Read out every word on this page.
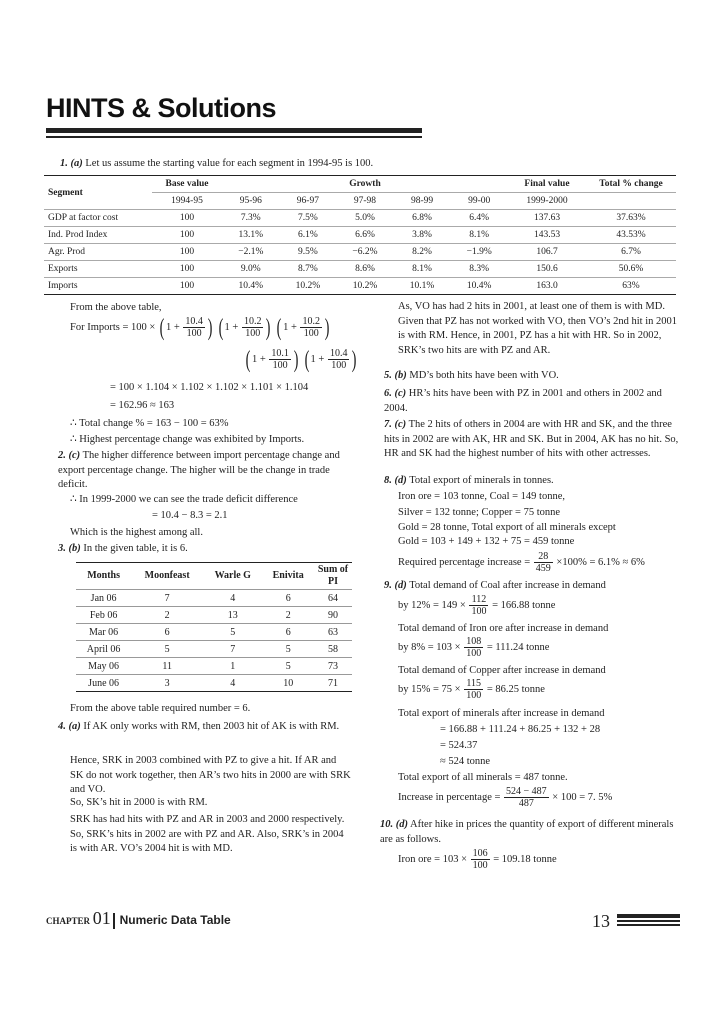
HINTS & Solutions
1. (a) Let us assume the starting value for each segment in 1994-95 is 100.
Segment	Base value	Growth					Final value	Total % change
	1994-95	95-96	96-97	97-98	98-99	99-00	1999-2000	
GDP at factor cost	100	7.3%	7.5%	5.0%	6.8%	6.4%	137.63	37.63%
Ind. Prod Index	100	13.1%	6.1%	6.6%	3.8%	8.1%	143.53	43.53%
Agr. Prod	100	−2.1%	9.5%	−6.2%	8.2%	−1.9%	106.7	6.7%
Exports	100	9.0%	8.7%	8.6%	8.1%	8.3%	150.6	50.6%
Imports	100	10.4%	10.2%	10.2%	10.1%	10.4%	163.0	63%
From the above table,
For Imports = 100 × ( $1 + \frac{10.4}{100}$ ) ( $1 + \frac{10.2}{100}$ ) ( $1 + \frac{10.2}{100}$ )
( $1 + \frac{10.1}{100}$ ) ( $1 + \frac{10.4}{100}$ )
= 100 × 1.104 × 1.102 × 1.102 × 1.101 × 1.104
= 162.96 ≈ 163
∴ Total change % = 163 − 100 = 63%
∴ Highest percentage change was exhibited by Imports.
2. (c) The higher difference between import percentage change and export percentage change. The higher will be the change in trade deficit.
∴ In 1999-2000 we can see the trade deficit difference
= 10.4 − 8.3 = 2.1
Which is the highest among all.
3. (b) In the given table, it is 6.
Months	Moonfeast	Warle G	Enivita	Sum of PI
Jan 06	7	4	6	64
Feb 06	2	13	2	90
Mar 06	6	5	6	63
April 06	5	7	5	58
May 06	11	1	5	73
June 06	3	4	10	71
From the above table required number = 6.
4. (a) If AK only works with RM, then 2003 hit of AK is with RM.
Hence, SRK in 2003 combined with PZ to give a hit. If AR and SK do not work together, then AR’s two hits in 2000 are with SRK and VO.
So, SK’s hit in 2000 is with RM.
SRK has had hits with PZ and AR in 2003 and 2000 respectively. So, SRK’s hits in 2002 are with PZ and AR. Also, SRK’s in 2004 is with AR. VO’s 2004 hit is with MD.
As, VO has had 2 hits in 2001, at least one of them is with MD. Given that PZ has not worked with VO, then VO’s 2nd hit in 2001 is with RM. Hence, in 2001, PZ has a hit with HR. So in 2002, SRK’s two hits are with PZ and AR.
5. (b) MD’s both hits have been with VO.
6. (c) HR’s hits have been with PZ in 2001 and others in 2002 and 2004.
7. (c) The 2 hits of others in 2004 are with HR and SK, and the three hits in 2002 are with AK, HR and SK. But in 2004, AK has no hit. So, HR and SK had the highest number of hits with other actresses.
8. (d) Total export of minerals in tonnes.
Iron ore = 103 tonne, Coal = 149 tonne,
Silver = 132 tonne; Copper = 75 tonne
Gold = 28 tonne, Total export of all minerals except
Gold = 103 + 149 + 132 + 75 = 459 tonne
Required percentage increase = $\frac{28}{459} \times 100\% = 6.1\% \approx 6\%$
9. (d) Total demand of Coal after increase in demand
by $12\% = 149 \times \frac{112}{100} = 166.88$ tonne
Total demand of Iron ore after increase in demand
by $8\% = 103 \times \frac{108}{100} = 111.24$ tonne
Total demand of Copper after increase in demand
by $15\% = 75 \times \frac{115}{100} = 86.25$ tonne
Total export of minerals after increase in demand
= 166.88 + 111.24 + 86.25 + 132 + 28
= 524.37
≈ 524 tonne
Total export of all minerals = 487 tonne.
Increase in percentage = $\frac{524 - 487}{487} \times 100 = 7$. 5%
10. (d) After hike in prices the quantity of export of different minerals are as follows.
Iron ore = $103 \times \frac{106}{100} = 109.18$ tonne
CHAPTER 01 Numeric Data Table	13
